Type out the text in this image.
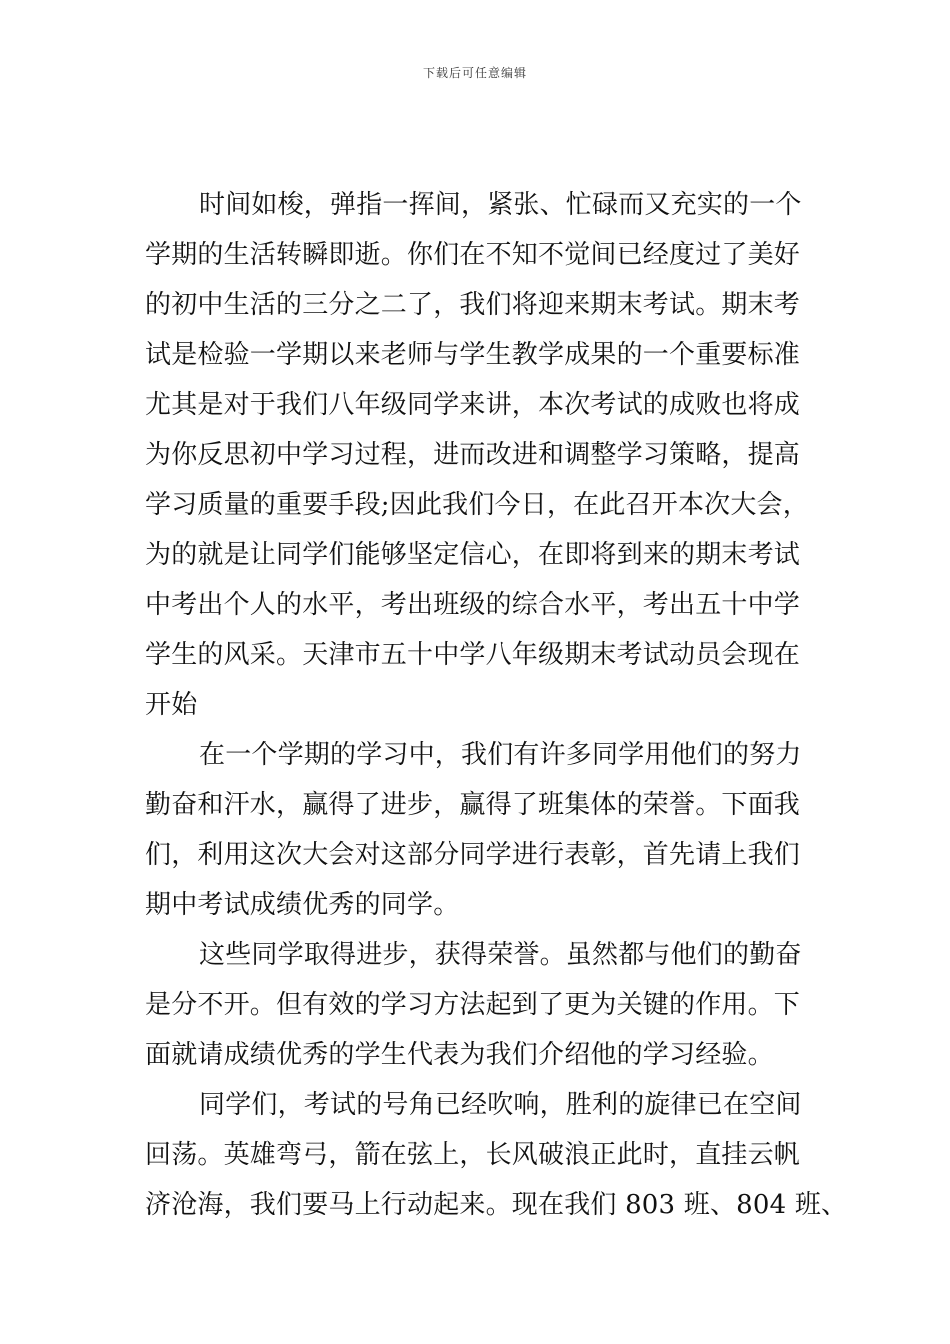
下载后可任意编辑
时间如梭，弹指一挥间，紧张、忙碌而又充实的一个
学期的生活转瞬即逝。你们在不知不觉间已经度过了美好
的初中生活的三分之二了，我们将迎来期末考试。期末考
试是检验一学期以来老师与学生教学成果的一个重要标准
尤其是对于我们八年级同学来讲，本次考试的成败也将成
为你反思初中学习过程，进而改进和调整学习策略，提高
学习质量的重要手段;因此我们今日，在此召开本次大会，
为的就是让同学们能够坚定信心，在即将到来的期末考试
中考出个人的水平，考出班级的综合水平，考出五十中学
学生的风采。天津市五十中学八年级期末考试动员会现在
开始
在一个学期的学习中，我们有许多同学用他们的努力
勤奋和汗水，赢得了进步，赢得了班集体的荣誉。下面我
们，利用这次大会对这部分同学进行表彰，首先请上我们
期中考试成绩优秀的同学。
这些同学取得进步，获得荣誉。虽然都与他们的勤奋
是分不开。但有效的学习方法起到了更为关键的作用。下
面就请成绩优秀的学生代表为我们介绍他的学习经验。
同学们，考试的号角已经吹响，胜利的旋律已在空间
回荡。英雄弯弓，箭在弦上，长风破浪正此时，直挂云帆
济沧海，我们要马上行动起来。现在我们 803 班、804 班、
